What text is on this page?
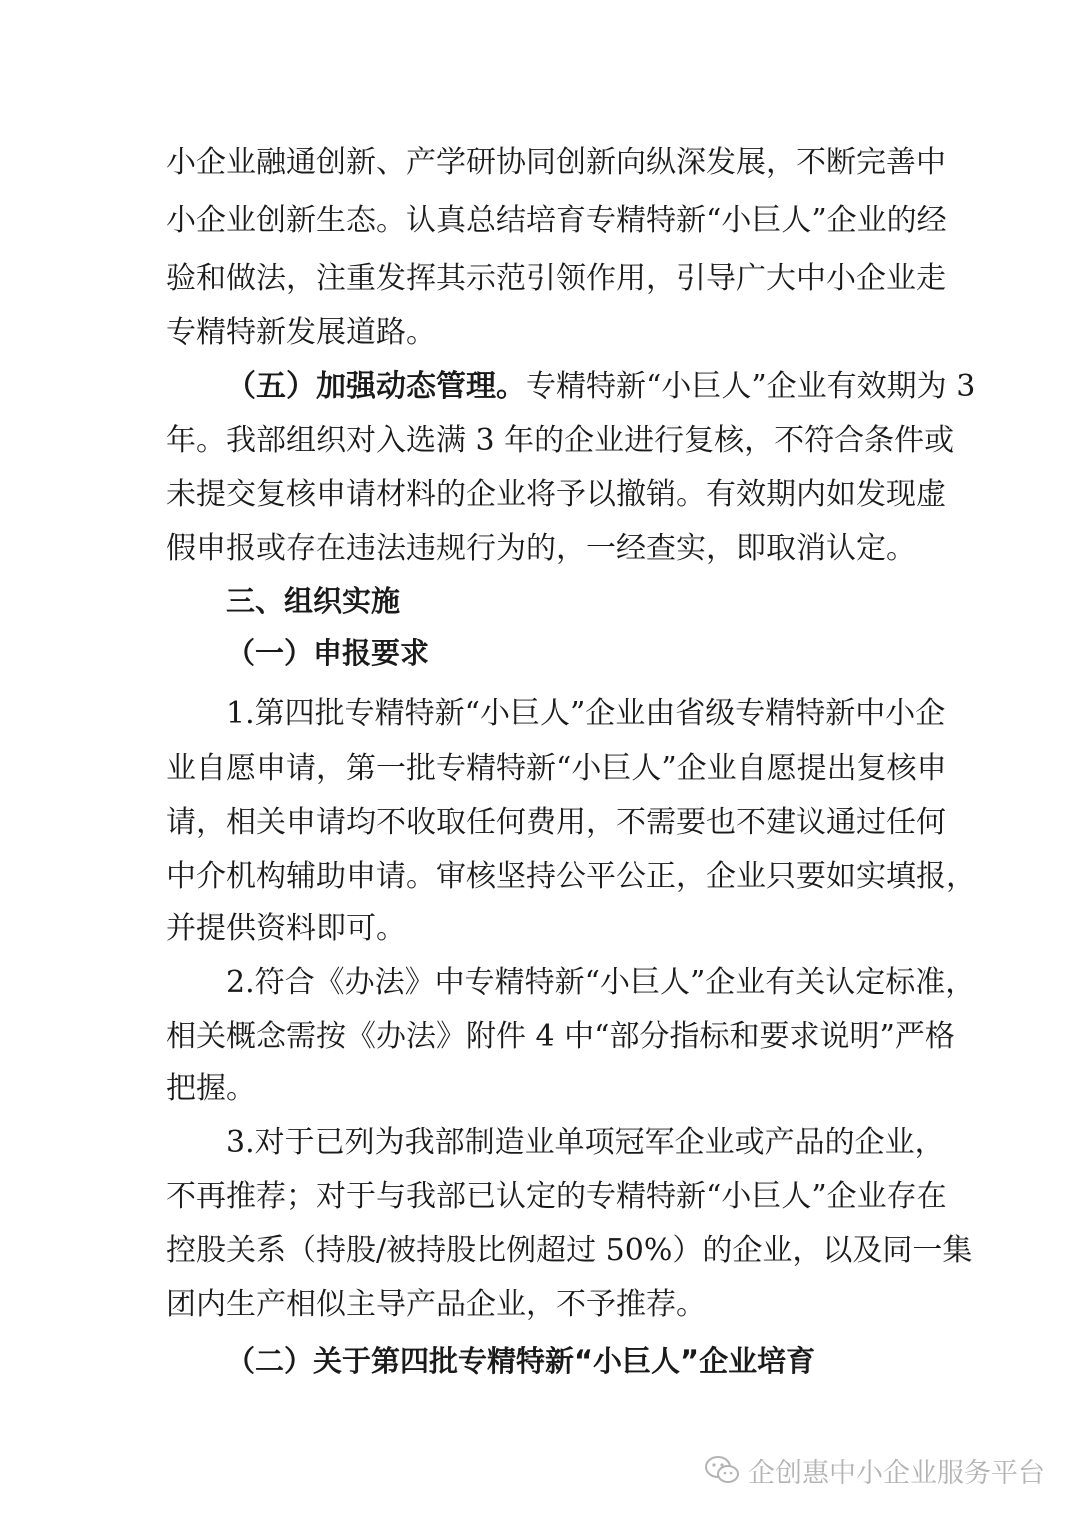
小企业融通创新、产学研协同创新向纵深发展，不断完善中
小企业创新生态。认真总结培育专精特新“小巨人”企业的经
验和做法，注重发挥其示范引领作用，引导广大中小企业走
专精特新发展道路。
（五）加强动态管理。专精特新“小巨人”企业有效期为 3
年。我部组织对入选满 3 年的企业进行复核，不符合条件或
未提交复核申请材料的企业将予以撤销。有效期内如发现虚
假申报或存在违法违规行为的，一经查实，即取消认定。
三、组织实施
（一）申报要求
1.第四批专精特新“小巨人”企业由省级专精特新中小企
业自愿申请，第一批专精特新“小巨人”企业自愿提出复核申
请，相关申请均不收取任何费用，不需要也不建议通过任何
中介机构辅助申请。审核坚持公平公正，企业只要如实填报，
并提供资料即可。
2.符合《办法》中专精特新“小巨人”企业有关认定标准，
相关概念需按《办法》附件 4 中“部分指标和要求说明”严格
把握。
3.对于已列为我部制造业单项冠军企业或产品的企业，
不再推荐；对于与我部已认定的专精特新“小巨人”企业存在
控股关系（持股/被持股比例超过 50%）的企业，以及同一集
团内生产相似主导产品企业，不予推荐。
（二）关于第四批专精特新“小巨人”企业培育
企创惠中小企业服务平台
